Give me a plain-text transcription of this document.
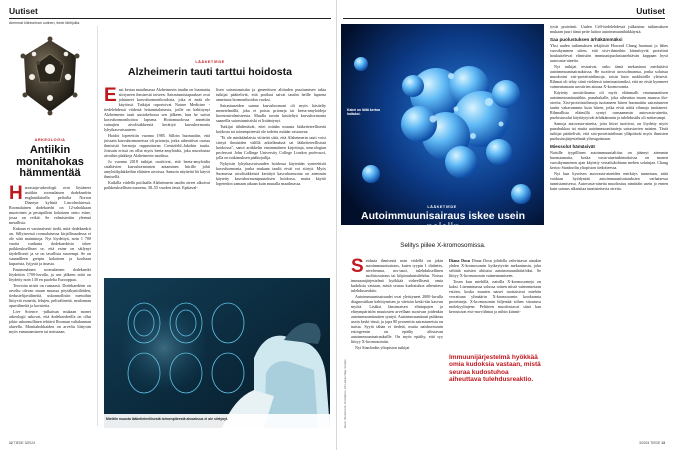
Uutiset
Aiemmat kliinisetvan uutinen, tiede lähtijoilla.
ARKEOLOGIA
Antiikin monitahokas hämmentää

Harrastaja-arkeologit ovat löytäneet antiikin roomalaisen dodekaedrin englantilaisella peltoilta Norton Disneyn kylästä Lincolnshiressä. Roomalainen dodekaedri on 12-tahokkaan muotoinen ja pesäpalloin kokoinen ontto esine, jossa on reikiä. Se valmistettiin yleensä metallista.

Kukaan ei varsinaisesti tiedä, mitä dodekaedrit on. Sillyiseessä roomalaisessa kirjallisuudessa ei ole siitä mainintoja. Nyt löydettyä, noin 1 700 vuotta vanhasta dodekaedrista tekee poikkeuksellisen se, että esine on säilynyt täydellisesti ja se on tavallista suurempi. Se on suunnilleen greipin kokoinen ja kooltaan kuparista, lyijystä ja tinasta.

Ensimmäinen roomalainen dodekaedri löydettiin 1700-luvulla, ja sen jälkeen niitä on löydetty noin 130 en puolelta Eurooppaa.

Teorioita niistä on runsaasti. Dodekaedrien on arveltu olevan muun muassa pöytäkynttilöiden, tiedustelijavälineitä, uskonnollisiin menoihin liittyviä esineitä, lelujen, pelivälineitä, neulonnan apuvälineitä ja koristeita.

Live Science -julkaisun mukaan monet arkeologit uskovat, että dodekaedreilla on ollut jokin uskonnollinen tehtävä Rooman valtakunnan alueella. Monitahokkaiden on arveltu liittyvän myös ennustamiseen tai noitutaan.

LÄÄKETIEDE
Alzheimerin tauti tarttui hoidosta

Ensi kertaa maailmassa Alzheimerin taudin on huomattu siirtyneen ihmisestä toiseen. Sairastumistapaukset ovat johtuneet kasvuhormonihoidosta, joka ei enää ole käytössä. Tutkijat raportoivat Nature Medicine -tiedelehdessä viidestä britannialaisesta, joille on kehittynyt Alzheimerin tauti uusiokehossa sen jälkeen, kun he saivat kasvuhormonihoitoa lapsena. Hoitomuodossa annettiin vainajien aivolisäkkeestä kerättyä kasvuhormonia lyhytkasvuisuuteen.

Hoidot lopetettiin vuonna 1985. Silloin huomattiin, että joissain kasvuhormoneissa oli prioneja, jotka aiheuttivat osassa ihmisistä hermoja rappeuttavan Creutzfeld–Jakobin tautia. Joissain erissä on ollut myös beeta-amyloidia, joka muodostaa aivoihin plakkeja Alzheimerin taudissa.

Jo vuonna 2018 tutkijat osoittivat, että beeta-amyloidia sisältävien kasvuhormonien antaminen hiirille johti amyloidiplakkeihin eläinten aivoissa. Samoin näytteitä löi käyvä ihmisellä.

Kaikilla viidellä potilaalla Alzheimerin taudin oireet alkoivat poikkeuksellisen nuorena, 38–55 vuoden iässä. Epätaval-

lisen sairastumisiän ja geneettisen alttiuden puuttumisen takia tutkijat päättelivät, että potilaat saivat taudin heille lapsena annetusta hormonihoidon vuoksi.

Sairastuneiden saama kasvuhormoni oli myös käsitelty menetelmällä, joka ei poista prioneja tai beeta-amyloideja hormonivalmisteesta. Muulla tavoin käsiteltyä kasvuhormonia saaneilla sairastumisriski ei lisääntynyt.

Tutkijat tähdentävät, ettei mitään muusta lääketieteellisestä hoidosta tai toimenpiteestä ole todettu mitään vastaavaa.

"Ei ole minkäänlaisia viitteitä siitä, että Alzheimerin tauti voisi siirtyä ihmisiden välillä arkielämässä tai lääketieteellisissä hoidoissa", sanoi artikkelin ensimmäinen kirjoittaja, neurologian professori John Collinge University College London professori, jolla on tutkimuksen pääkirjailija.

Nykyisin lyhytkasvuisuuden hoidossa käytetään synteettistä kasvuhormonia, jonka mukana taudit eivät voi siirtyä. Myös Suomessa aivolisäkkeistä kerättyä kasvuhormonia on aiemmin käytetty kasvuhormonipuutoksen hoidossa, mutta käyttö lopetettiin samaan aikaan kuin muualla maailmassa.

Miettiin muusta lääketieteellisestä toimenpiteestä aivoairuus ei ole siirtynyt.
12 TIEDE 3/2024
Uutiset
Kakei on läitä kertoa haitaksi.
LÄÄKETIEDE
Autoimmuunisairaus iskee usein naisiin
Selitys piilee X-kromosomissa.
Kuvat: Shutterstock, iStockphoto, HS Laskea Maja, Scanpix

Seidasta ihmisestä noin viidellä on jokin autoimmuunisairaus, kuten tyypin 1 diabetes, nivelreuma, ms-tauti, tulehduksellinen suolistosairaus tai kilpirauhastulehdus. Noissa immuunijärjestelmä hyökkää virheellisesti omia kudoksia vastaan, mistä seuraa kudostuhoa aiheuttava tulehdusreaktio.

Autoimmuunisairaudet ovat yleistyneet 2000-luvulla diagnostiikan kehittymisen ja väestön keski-iän kasvun myötä. Lisäksi länsimaisen elintapojen ja elinympäristön muutosten arvellaan suosivan joidenkin autoimmuunitautien syntyä. Autoimmuunitauti puhkeaa usein keski-iässä, ja jopa 80 prosenttia sairastuneista on naisia. Syytä tähän ei tiedetä, mutta naishormonin estrogeenin on epäilty altistavan autoimmuunisairauksille. On myös epäilty, että syy liittyy X-kromosomiin.

Nyt Stanfordin yliopiston tutkijat

Diana Dosn Diana Dosn johdolla vahvistavat ainakin yhden X-kromosomin kytkeytyvän mekanismin, joka selittää naisten alttiutta autoimmuunihäiriöiksi. Se liittyy X-kromosomin vaimentamiseen.

Tosen kun miehillä, naisilla X-kromosomeja on kaksi. Lisenmmassa solussa toinen niistä vaimennetaan estiten, koska muuten naiset tuottaisivat miehiin verrattuna ylimäärin X-kromosomin koodaamia proteiineja. X-kromosomin hiljentää siihen sitoutuva molekyylinjene. Pelitteen muodostavat siinä kan keroutuvat eist-rna-riihmat ja niihin kiinnit-

Immuunijärjestelmä hyökkää omia kudoksia vastaan, mistä seuraa kudostuhoa aiheuttava tulehdusreaktio.

tyvät proteiinit. Uuden Cell-tiedelehdessä julkaistun tutkimuksen mukaan juuri tämä peite laittoo autoimmuunihäkkäystä.

Saa puolustuksen ärhäkämmäksi

Yksi uuden tutkimuksen tekijöistä Howard Chang huomasi jo lähes vuosikymmen sitten, että xist-rihmoihin kiinnittyvät proteiinit houkuttelevat elimistön immuunipuolustustehtävän kappaan hyvä autovasta-aineita.

Nyt tutkijat testasivat, onko tämä mekanismi merkittävä autoimmuunisairauksissa. He tuottivat urossolmanssa, jonka soluissa muodostui xist-proteiinirihmoja, toisin kuin urokhiirille yleisesti. Rihmat oli tehty siinä vieläessä toimimattomiksi, että ne eivät kyenneet vaimentamaan urosiirien ainoaa X-kromosomia.

Käytetty urosiirilauma oli myös eläinmalli reumanaattisen autoimmuunitautiihin, punahukalle, joka aiheuttaa muun muassa iho-oireita. Xist-proteiinirihmoja tuottaneen hiiren huomattiin sairastuneen tautin vakavammin kuin hiiren, jotka eivät näitä rihmoja tuottaneet. Rihmallista eläimillä syntyi runsaammin autovasta-aineita, puolustusolut käyttäytyivät ärhäkämmin ja tulehdustilu oli mittavampi.

Samoja autovasta-aineita, joita hiiret tuottivat, on löydetty myös punahukkaa tai muita autoimmuunitauteja sairastavien naisten. Tästä tutkijat päättelivät, että xist-proteiinirihmat ylläpitävät myös ihmisten puolustusjärjestelmää ylireagoimaan.

Miessolut hämäsivät

Naisille tyypillinen autoimmuunialttius on jääneyt aiemmin huomaamatta, koska vasta-ainetutkimuksissa on monen vuosikymmenen ajan käytetty vertailukohtana mehen soluinjaa. Chang kertoo Stanfordin yliopiston tiedotteessa.

Nyt kun kyseisen autovasta-aineiden merkitys tunnetaan, niitä voidaan hyödyntää autoimmuunisairauksien varhaisessa tunnistamisessa. Autovasta-aineita muodostuu nimittäin usein jo ennen kuin sairaus alkaisitaa tunnistettavia oireita.

3/2024 TIEDE 13
